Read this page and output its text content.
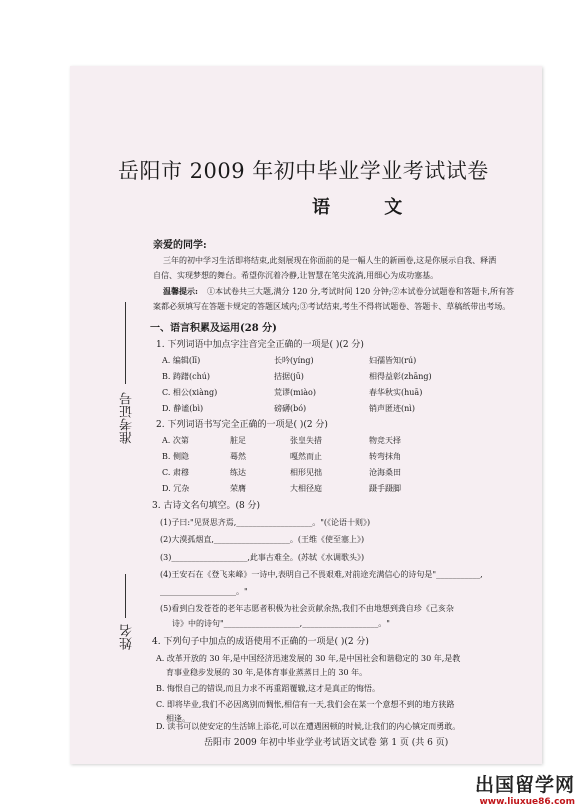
岳阳市 2009 年初中毕业学业考试试卷
语 文
亲爱的同学:
三年的初中学习生活即将结束,此刻展现在你面前的是一幅人生的新画卷,这是你展示自我、释洒
自信、实现梦想的舞台。希望你沉着冷静,让智慧在笔尖流淌,用细心为成功塞基。
温馨提示: ①本试卷共三大题,满分 120 分,考试时间 120 分钟;②本试卷分试题卷和答题卡,所有答
案都必须填写在答题卡规定的答题区域内;③考试结束,考生不得将试题卷、答题卡、草稿纸带出考场。
准考证号
姓名
一、语言积累及运用(28 分)
1. 下列词语中加点字注音完全正确的一项是( )(2 分)
A. 编辑(lī)	长吟(yíng)	妇孺皆知(rú)
B. 踌躇(chú)	拮据(jū)	相得益彰(zhāng)
C. 相公(xiàng)	荒谬(miào)	春华秋实(huā)
D. 静谧(bì)	磅礴(bó)	销声匿迹(nì)
2. 下列词语书写完全正确的一项是( )(2 分)
A. 次第	脏足	张皇失措	物竞天择
B. 侧隐	蓦然	嘎然而止	转弯抹角
C. 肃穆	练达	相形见拙	沧海桑田
D. 冗杂	荣膺	大相径庭	蹑手蹑脚
3. 古诗文名句填空。(8 分)
(1)子曰:"见贤思齐焉,___________________。"(《论语十则》)
(2)大漠孤烟直,___________________。(王维《使至塞上》)
(3)___________________,此事古难全。(苏轼《水调歌头》)
(4)王安石在《登飞来峰》一诗中,表明自己不畏艰难,对前途充满信心的诗句是"___________,
___________________。"
(5)看到白发苍苍的老年志愿者积极为社会贡献余热,我们不由地想到龚自珍《己亥杂
诗》中的诗句"___________________,___________________。"
4. 下列句子中加点的成语使用不正确的一项是( )(2 分)
A. 改革开放的 30 年,是中国经济迅速发展的 30 年,是中国社会和谐稳定的 30 年,是教
育事业稳步发展的 30 年,是体育事业蒸蒸日上的 30 年。
B. 悔恨自己的错误,而且力求不再重蹈覆辙,这才是真正的悔悟。
C. 即将毕业,我们不必因离别而惆怅,相信有一天,我们会在某一个意想不到的地方狭路
相逢。
D. 读书可以使安定的生活锦上添花,可以在遭遇困顿的时候,让我们的内心镇定而勇敢。
岳阳市 2009 年初中毕业学业考试语文试卷 第 1 页 (共 6 页)
出国留学网
www.liuxue86.com
